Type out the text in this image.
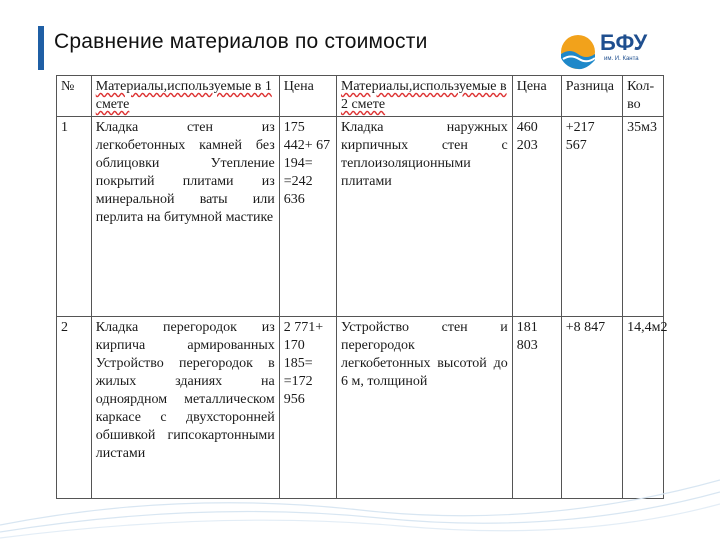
Сравнение материалов по стоимости	БФУ
им. И. Канта
№	Материалы,используемые в 1 смете	Цена	Материалы,используемые в 2 смете	Цена	Разница	Кол-во
1	Кладка стен из легкобетонных камней без облицовки Утепление покрытий плитами из минеральной ваты или перлита на битумной мастике	175 442+ 67 194= =242 636	Кладка наружных кирпичных стен с теплоизоляционными плитами	460 203	+217 567	35м3
2	Кладка перегородок из кирпича армированных Устройство перегородок в жилых зданиях на одноярдном металлическом каркасе с двухсторонней обшивкой гипсокартонными листами	2 771+ 170 185= =172 956	Устройство стен и перегородок легкобетонных высотой до 6 м, толщиной	181 803	+8 847	14,4м2
